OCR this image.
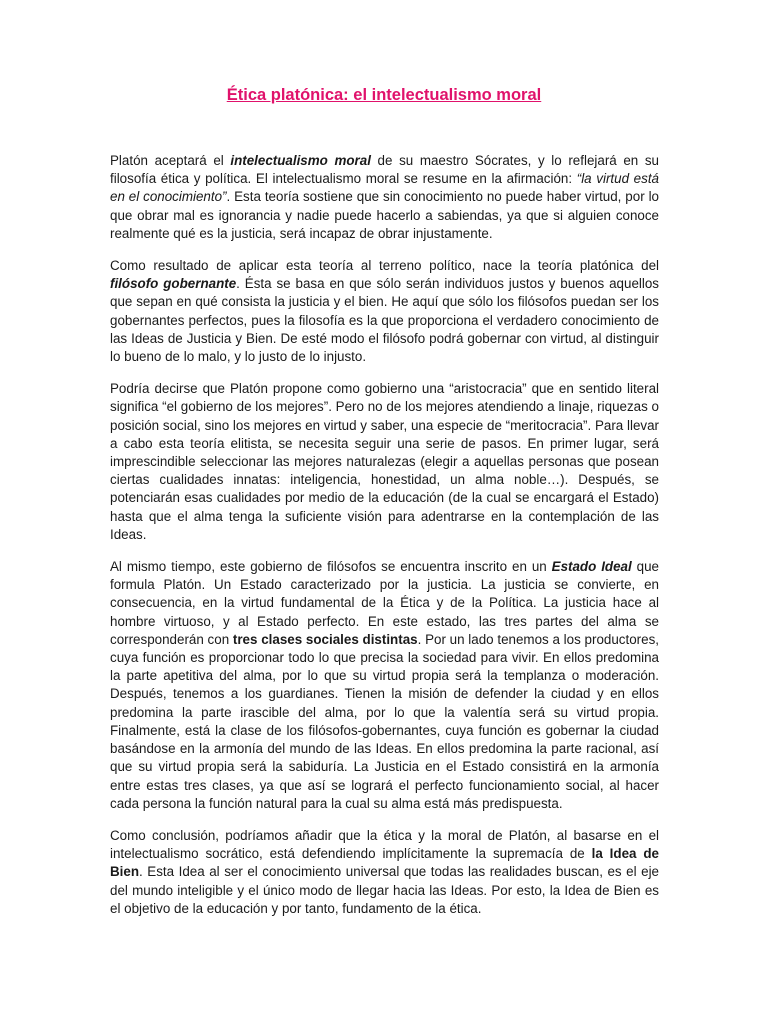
Ética platónica: el intelectualismo moral

Platón aceptará el intelectualismo moral de su maestro Sócrates, y lo reflejará en su filosofía ética y política. El intelectualismo moral se resume en la afirmación: “la virtud está en el conocimiento”. Esta teoría sostiene que sin conocimiento no puede haber virtud, por lo que obrar mal es ignorancia y nadie puede hacerlo a sabiendas, ya que si alguien conoce realmente qué es la justicia, será incapaz de obrar injustamente.

Como resultado de aplicar esta teoría al terreno político, nace la teoría platónica del filósofo gobernante. Ésta se basa en que sólo serán individuos justos y buenos aquellos que sepan en qué consista la justicia y el bien. He aquí que sólo los filósofos puedan ser los gobernantes perfectos, pues la filosofía es la que proporciona el verdadero conocimiento de las Ideas de Justicia y Bien. De esté modo el filósofo podrá gobernar con virtud, al distinguir lo bueno de lo malo, y lo justo de lo injusto.

Podría decirse que Platón propone como gobierno una “aristocracia” que en sentido literal significa “el gobierno de los mejores”. Pero no de los mejores atendiendo a linaje, riquezas o posición social, sino los mejores en virtud y saber, una especie de “meritocracia”. Para llevar a cabo esta teoría elitista, se necesita seguir una serie de pasos. En primer lugar, será imprescindible seleccionar las mejores naturalezas (elegir a aquellas personas que posean ciertas cualidades innatas: inteligencia, honestidad, un alma noble…). Después, se potenciarán esas cualidades por medio de la educación (de la cual se encargará el Estado) hasta que el alma tenga la suficiente visión para adentrarse en la contemplación de las Ideas.

Al mismo tiempo, este gobierno de filósofos se encuentra inscrito en un Estado Ideal que formula Platón. Un Estado caracterizado por la justicia. La justicia se convierte, en consecuencia, en la virtud fundamental de la Ética y de la Política. La justicia hace al hombre virtuoso, y al Estado perfecto. En este estado, las tres partes del alma se corresponderán con tres clases sociales distintas. Por un lado tenemos a los productores, cuya función es proporcionar todo lo que precisa la sociedad para vivir. En ellos predomina la parte apetitiva del alma, por lo que su virtud propia será la templanza o moderación. Después, tenemos a los guardianes. Tienen la misión de defender la ciudad y en ellos predomina la parte irascible del alma, por lo que la valentía será su virtud propia. Finalmente, está la clase de los filósofos-gobernantes, cuya función es gobernar la ciudad basándose en la armonía del mundo de las Ideas. En ellos predomina la parte racional, así que su virtud propia será la sabiduría. La Justicia en el Estado consistirá en la armonía entre estas tres clases, ya que así se logrará el perfecto funcionamiento social, al hacer cada persona la función natural para la cual su alma está más predispuesta.

Como conclusión, podríamos añadir que la ética y la moral de Platón, al basarse en el intelectualismo socrático, está defendiendo implícitamente la supremacía de la Idea de Bien. Esta Idea al ser el conocimiento universal que todas las realidades buscan, es el eje del mundo inteligible y el único modo de llegar hacia las Ideas. Por esto, la Idea de Bien es el objetivo de la educación y por tanto, fundamento de la ética.
